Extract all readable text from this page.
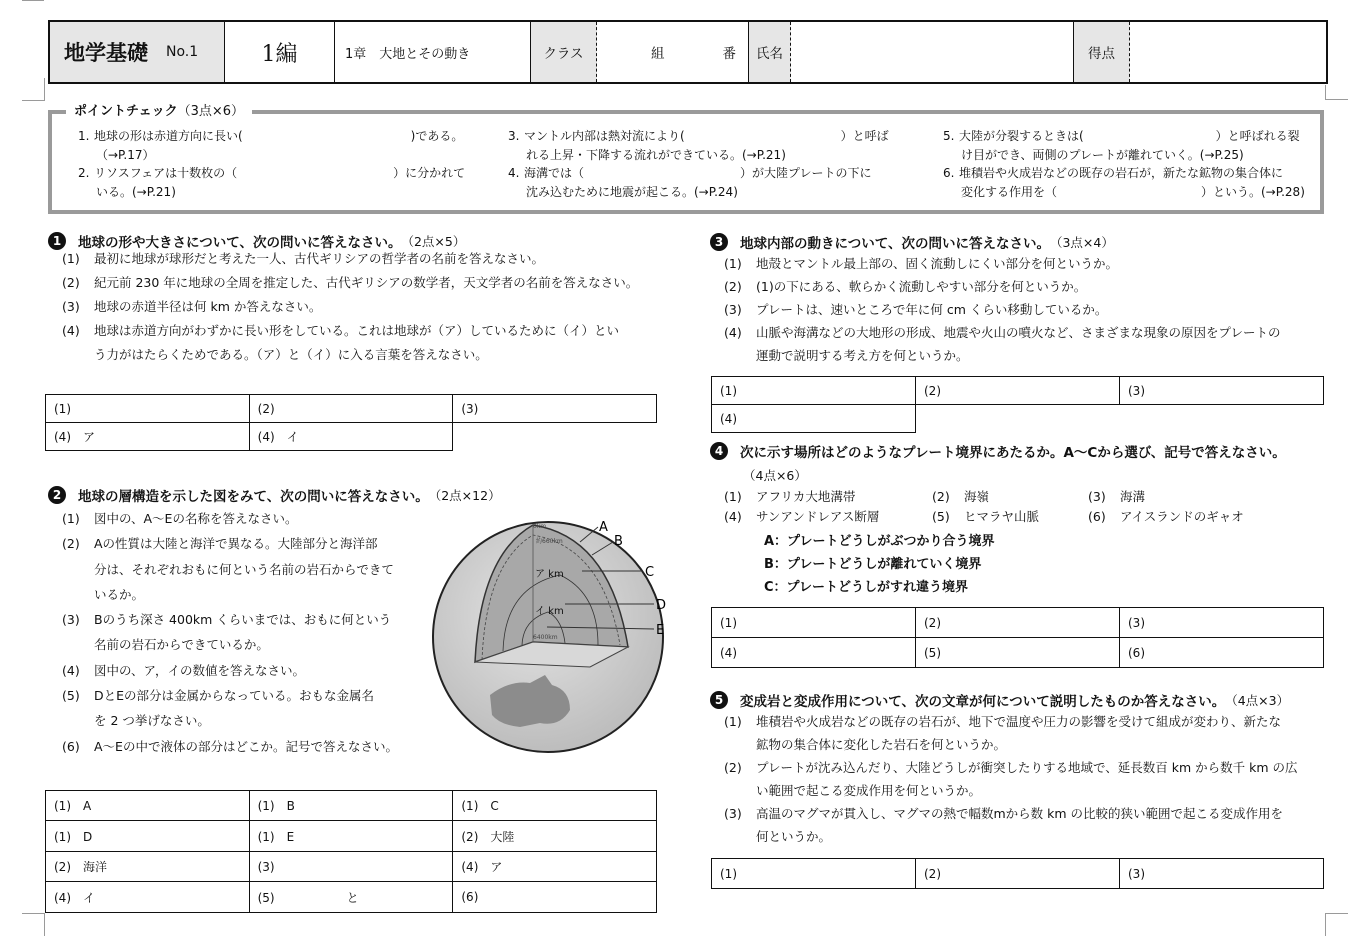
地学基礎 No.1	1編	1章　大地とその動き	クラス	組	番 氏名	得点
ポイントチェック（3点×6）
1. 地球の形は赤道方向に長い(　　　　　　　　　　　　　　)である。
（→P.17）
2. リソスフェアは十数枚の（　　　　　　　　　　　　　）に分かれて
いる。(→P.21)
3. マントル内部は熱対流により(　　　　　　　　　　　　　）と呼ば
れる上昇・下降する流れができている。(→P.21)
4. 海溝では（　　　　　　　　　　　　　）が大陸プレートの下に
沈み込むために地震が起こる。(→P.24)
5. 大陸が分裂するときは(　　　　　　　　　　　）と呼ばれる裂
け目ができ、両側のプレートが離れていく。(→P.25)
6. 堆積岩や火成岩などの既存の岩石が，新たな鉱物の集合体に
変化する作用を（　　　　　　　　　　　　）という。(→P.28)
1	地球の形や大きさについて、次の問いに答えなさい。 （2点×5）
(1) 最初に地球が球形だと考えた一人、古代ギリシアの哲学者の名前を答えなさい。
(2) 紀元前 230 年に地球の全周を推定した、古代ギリシアの数学者，天文学者の名前を答えなさい。
(3) 地球の赤道半径は何 km か答えなさい。
(4) 地球は赤道方向がわずかに長い形をしている。これは地球が（ア）しているために（イ）とい
う力がはたらくためである。（ア）と（イ）に入る言葉を答えなさい。
(1)	(2)	(3)
(4)　ア	(4)　イ	
2	地球の層構造を示した図をみて、次の問いに答えなさい。 （2点×12）
(1) 図中の、A～Eの名称を答えなさい。
(2) Aの性質は大陸と海洋で異なる。大陸部分と海洋部
分は、それぞれおもに何という名前の岩石からできて
いるか。
(3) Bのうち深さ 400km くらいまでは、おもに何という
名前の岩石からできているか。
(4) 図中の、ア，イの数値を答えなさい。
(5) DとEの部分は金属からなっている。おもな金属名
を 2 つ挙げなさい。
(6) A～Eの中で液体の部分はどこか。記号で答えなさい。
0km
約660km
ア km
イ km
6400km
A
B
C
D
E
(1)　A	(1)　B	(1)　C
(1)　D	(1)　E	(2)　大陸
(2)　海洋	(3)	(4)　ア
(4)　イ	(5)　　　　　　と	(6)
3	地球内部の動きについて、次の問いに答えなさい。 （3点×4）
(1) 地殻とマントル最上部の、固く流動しにくい部分を何というか。
(2) (1)の下にある、軟らかく流動しやすい部分を何というか。
(3) プレートは、速いところで年に何 cm くらい移動しているか。
(4) 山脈や海溝などの大地形の形成、地震や火山の噴火など、さまざまな現象の原因をプレートの
運動で説明する考え方を何というか。
(1)	(2)	(3)
(4)		
4	次に示す場所はどのようなプレート境界にあたるか。A～Cから選び、記号で答えなさい。
（4点×6）
(1) アフリカ大地溝帯	(2) 海嶺	(3) 海溝
(4) サンアンドレアス断層	(5) ヒマラヤ山脈	(6) アイスランドのギャオ
A：プレートどうしがぶつかり合う境界
B：プレートどうしが離れていく境界
C：プレートどうしがすれ違う境界
(1)	(2)	(3)
(4)	(5)	(6)
5	変成岩と変成作用について、次の文章が何について説明したものか答えなさい。 （4点×3）
(1) 堆積岩や火成岩などの既存の岩石が、地下で温度や圧力の影響を受けて組成が変わり、新たな
鉱物の集合体に変化した岩石を何というか。
(2) プレートが沈み込んだり、大陸どうしが衝突したりする地域で、延長数百 km から数千 km の広
い範囲で起こる変成作用を何というか。
(3) 高温のマグマが貫入し、マグマの熱で幅数mから数 km の比較的狭い範囲で起こる変成作用を
何というか。
(1)	(2)	(3)
